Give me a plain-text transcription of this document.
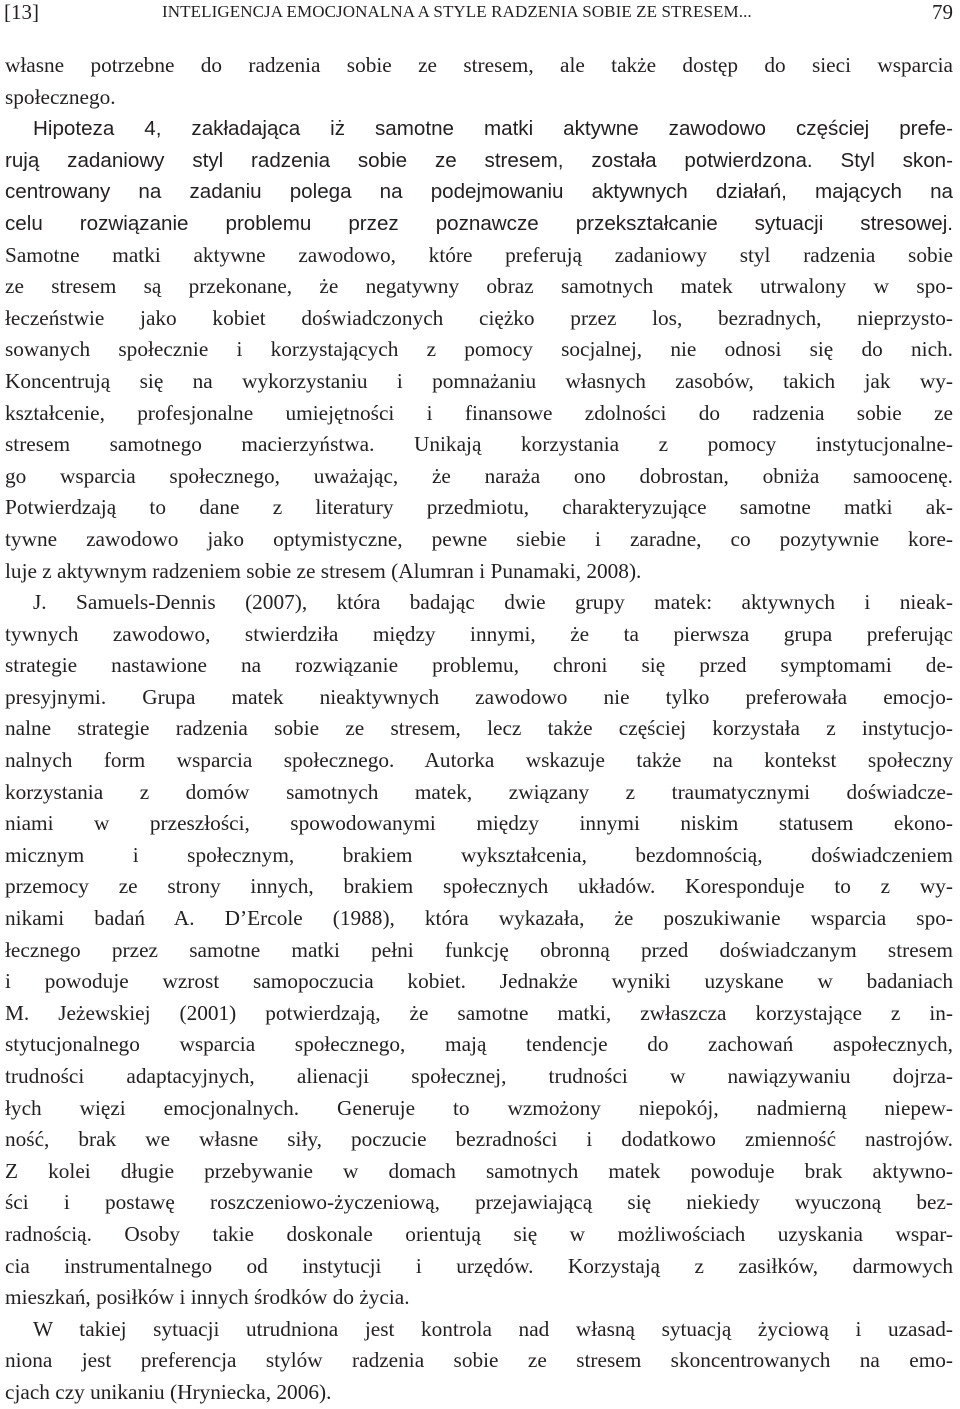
[13]	INTELIGENCJA EMOCJONALNA A STYLE RADZENIA SOBIE ZE STRESEM...	79
własne potrzebne do radzenia sobie ze stresem, ale także dostęp do sieci wsparcia
społecznego.
Hipoteza 4, zakładająca iż samotne matki aktywne zawodowo częściej prefe-
rują zadaniowy styl radzenia sobie ze stresem, została potwierdzona. Styl skon-
centrowany na zadaniu polega na podejmowaniu aktywnych działań, mających na
celu rozwiązanie problemu przez poznawcze przekształcanie sytuacji stresowej.
Samotne matki aktywne zawodowo, które preferują zadaniowy styl radzenia sobie
ze stresem są przekonane, że negatywny obraz samotnych matek utrwalony w spo-
łeczeństwie jako kobiet doświadczonych ciężko przez los, bezradnych, nieprzysto-
sowanych społecznie i korzystających z pomocy socjalnej, nie odnosi się do nich.
Koncentrują się na wykorzystaniu i pomnażaniu własnych zasobów, takich jak wy-
kształcenie, profesjonalne umiejętności i finansowe zdolności do radzenia sobie ze
stresem samotnego macierzyństwa. Unikają korzystania z pomocy instytucjonalne-
go wsparcia społecznego, uważając, że naraża ono dobrostan, obniża samoocenę.
Potwierdzają to dane z literatury przedmiotu, charakteryzujące samotne matki ak-
tywne zawodowo jako optymistyczne, pewne siebie i zaradne, co pozytywnie kore-
luje z aktywnym radzeniem sobie ze stresem (Alumran i Punamaki, 2008).
J. Samuels-Dennis (2007), która badając dwie grupy matek: aktywnych i nieak-
tywnych zawodowo, stwierdziła między innymi, że ta pierwsza grupa preferując
strategie nastawione na rozwiązanie problemu, chroni się przed symptomami de-
presyjnymi. Grupa matek nieaktywnych zawodowo nie tylko preferowała emocjo-
nalne strategie radzenia sobie ze stresem, lecz także częściej korzystała z instytucjo-
nalnych form wsparcia społecznego. Autorka wskazuje także na kontekst społeczny
korzystania z domów samotnych matek, związany z traumatycznymi doświadcze-
niami w przeszłości, spowodowanymi między innymi niskim statusem ekono-
micznym i społecznym, brakiem wykształcenia, bezdomnością, doświadczeniem
przemocy ze strony innych, brakiem społecznych układów. Koresponduje to z wy-
nikami badań A. D’Ercole (1988), która wykazała, że poszukiwanie wsparcia spo-
łecznego przez samotne matki pełni funkcję obronną przed doświadczanym stresem
i powoduje wzrost samopoczucia kobiet. Jednakże wyniki uzyskane w badaniach
M. Jeżewskiej (2001) potwierdzają, że samotne matki, zwłaszcza korzystające z in-
stytucjonalnego wsparcia społecznego, mają tendencje do zachowań aspołecznych,
trudności adaptacyjnych, alienacji społecznej, trudności w nawiązywaniu dojrza-
łych więzi emocjonalnych. Generuje to wzmożony niepokój, nadmierną niepew-
ność, brak we własne siły, poczucie bezradności i dodatkowo zmienność nastrojów.
Z kolei długie przebywanie w domach samotnych matek powoduje brak aktywno-
ści i postawę roszczeniowo-życzeniową, przejawiającą się niekiedy wyuczoną bez-
radnością. Osoby takie doskonale orientują się w możliwościach uzyskania wspar-
cia instrumentalnego od instytucji i urzędów. Korzystają z zasiłków, darmowych
mieszkań, posiłków i innych środków do życia.
W takiej sytuacji utrudniona jest kontrola nad własną sytuacją życiową i uzasad-
niona jest preferencja stylów radzenia sobie ze stresem skoncentrowanych na emo-
cjach czy unikaniu (Hryniecka, 2006).
